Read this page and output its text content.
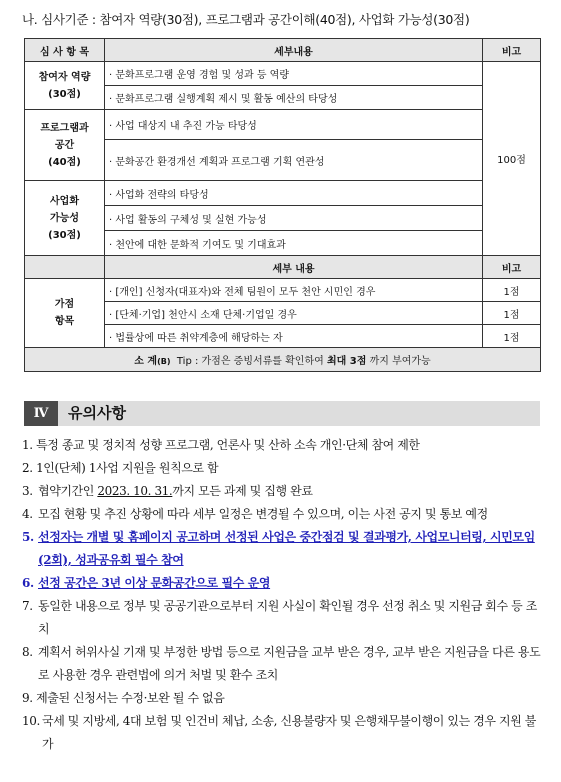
나. 심사기준 : 참여자 역량(30점), 프로그램과 공간이해(40점), 사업화 가능성(30점)
심 사 항 목	세부내용	비고
참여자 역량
(30점)	· 문화프로그램 운영 경험 및 성과 등 역량	100점
	· 문화프로그램 실행계획 제시 및 활동 예산의 타당성	
프로그램과
공간
(40점)	· 사업 대상지 내 추진 가능 타당성	
	· 문화공간 환경개선 계획과 프로그램 기획 연관성	
사업화
가능성
(30점)	· 사업화 전략의 타당성	
	· 사업 활동의 구체성 및 실현 가능성	
	· 천안에 대한 문화적 기여도 및 기대효과	
	세부 내용	비고
가점
항목	· [개인] 신청자(대표자)와 전체 팀원이 모두 천안 시민인 경우	1점
	· [단체·기업] 천안시 소재 단체·기업일 경우	1점
	· 법률상에 따른 취약계층에 해당하는 자	1점
소 계(B) Tip : 가점은 증빙서류를 확인하여 최대 3점 까지 부여가능		
Ⅳ	유의사항
1. 특정 종교 및 정치적 성향 프로그램, 언론사 및 산하 소속 개인·단체 참여 제한
2. 1인(단체) 1사업 지원을 원칙으로 함
3. 협약기간인 2023. 10. 31.까지 모든 과제 및 집행 완료
4. 모집 현황 및 추진 상황에 따라 세부 일정은 변경될 수 있으며, 이는 사전 공지 및 통보 예정
5. 선정자는 개별 및 홈페이지 공고하며 선정된 사업은 중간점검 및 결과평가, 사업모니터링, 시민모임(2회), 성과공유회 필수 참여
6. 선정 공간은 3년 이상 문화공간으로 필수 운영
7. 동일한 내용으로 정부 및 공공기관으로부터 지원 사실이 확인될 경우 선정 취소 및 지원금 회수 등 조치
8. 계획서 허위사실 기재 및 부정한 방법 등으로 지원금을 교부 받은 경우, 교부 받은 지원금을 다른 용도로 사용한 경우 관련법에 의거 처벌 및 환수 조치
9. 제출된 신청서는 수정·보완 될 수 없음
10. 국세 및 지방세, 4대 보험 및 인건비 체납, 소송, 신용불량자 및 은행채무불이행이 있는 경우 지원 불가
